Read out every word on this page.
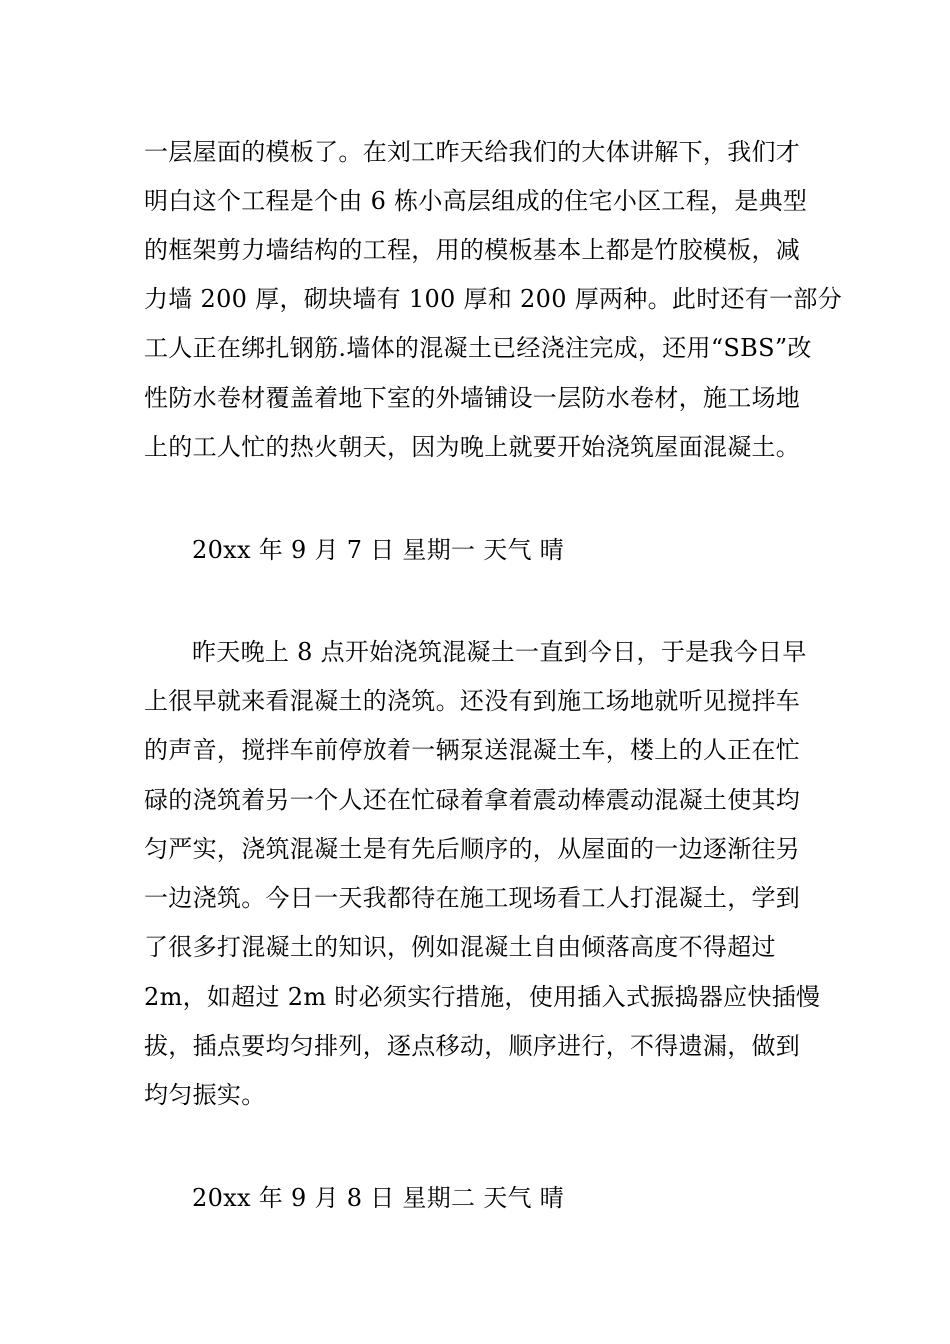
一层屋面的模板了。在刘工昨天给我们的大体讲解下，我们才
明白这个工程是个由 6 栋小高层组成的住宅小区工程，是典型
的框架剪力墙结构的工程，用的模板基本上都是竹胶模板，减
力墙 200 厚，砌块墙有 100 厚和 200 厚两种。此时还有一部分
工人正在绑扎钢筋.墙体的混凝土已经浇注完成，还用“SBS”改
性防水卷材覆盖着地下室的外墙铺设一层防水卷材，施工场地
上的工人忙的热火朝天，因为晚上就要开始浇筑屋面混凝土。
20xx 年 9 月 7 日 星期一 天气 晴
昨天晚上 8 点开始浇筑混凝土一直到今日，于是我今日早
上很早就来看混凝土的浇筑。还没有到施工场地就听见搅拌车
的声音，搅拌车前停放着一辆泵送混凝土车，楼上的人正在忙
碌的浇筑着另一个人还在忙碌着拿着震动棒震动混凝土使其均
匀严实，浇筑混凝土是有先后顺序的，从屋面的一边逐渐往另
一边浇筑。今日一天我都待在施工现场看工人打混凝土，学到
了很多打混凝土的知识，例如混凝土自由倾落高度不得超过
2m，如超过 2m 时必须实行措施，使用插入式振捣器应快插慢
拔，插点要均匀排列，逐点移动，顺序进行，不得遗漏，做到
均匀振实。
20xx 年 9 月 8 日 星期二 天气 晴
